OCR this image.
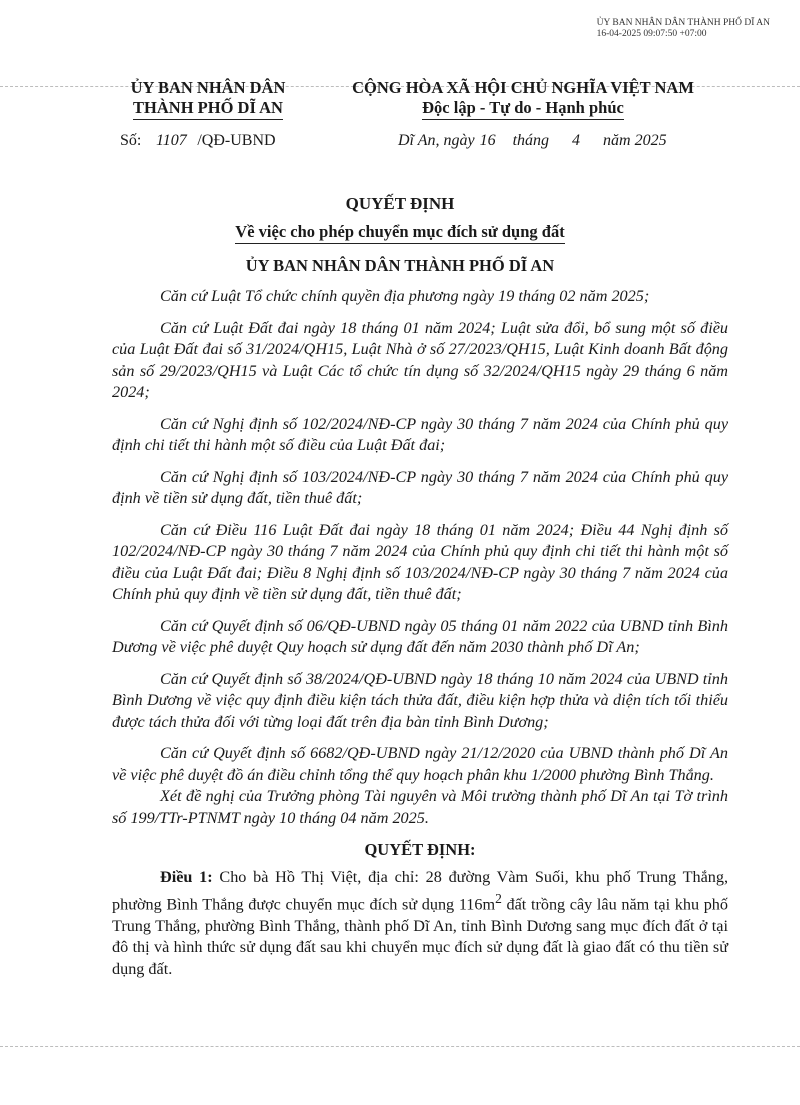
ỦY BAN NHÂN DÂN THÀNH PHỐ DĨ AN
16-04-2025 09:07:50 +07:00
ỦY BAN NHÂN DÂN
THÀNH PHỐ DĨ AN
CỘNG HÒA XÃ HỘI CHỦ NGHĨA VIỆT NAM
Độc lập - Tự do - Hạnh phúc
Số: 1107 /QĐ-UBND	Dĩ An, ngày 16 tháng 4 năm 2025
QUYẾT ĐỊNH
Về việc cho phép chuyển mục đích sử dụng đất
ỦY BAN NHÂN DÂN THÀNH PHỐ DĨ AN

Căn cứ Luật Tổ chức chính quyền địa phương ngày 19 tháng 02 năm 2025;

Căn cứ Luật Đất đai ngày 18 tháng 01 năm 2024; Luật sửa đổi, bổ sung một số điều của Luật Đất đai số 31/2024/QH15, Luật Nhà ở số 27/2023/QH15, Luật Kinh doanh Bất động sản số 29/2023/QH15 và Luật Các tổ chức tín dụng số 32/2024/QH15 ngày 29 tháng 6 năm 2024;

Căn cứ Nghị định số 102/2024/NĐ-CP ngày 30 tháng 7 năm 2024 của Chính phủ quy định chi tiết thi hành một số điều của Luật Đất đai;

Căn cứ Nghị định số 103/2024/NĐ-CP ngày 30 tháng 7 năm 2024 của Chính phủ quy định về tiền sử dụng đất, tiền thuê đất;

Căn cứ Điều 116 Luật Đất đai ngày 18 tháng 01 năm 2024; Điều 44 Nghị định số 102/2024/NĐ-CP ngày 30 tháng 7 năm 2024 của Chính phủ quy định chi tiết thi hành một số điều của Luật Đất đai; Điều 8 Nghị định số 103/2024/NĐ-CP ngày 30 tháng 7 năm 2024 của Chính phủ quy định về tiền sử dụng đất, tiền thuê đất;

Căn cứ Quyết định số 06/QĐ-UBND ngày 05 tháng 01 năm 2022 của UBND tỉnh Bình Dương về việc phê duyệt Quy hoạch sử dụng đất đến năm 2030 thành phố Dĩ An;

Căn cứ Quyết định số 38/2024/QĐ-UBND ngày 18 tháng 10 năm 2024 của UBND tỉnh Bình Dương về việc quy định điều kiện tách thửa đất, điều kiện hợp thửa và diện tích tối thiểu được tách thửa đối với từng loại đất trên địa bàn tỉnh Bình Dương;

Căn cứ Quyết định số 6682/QĐ-UBND ngày 21/12/2020 của UBND thành phố Dĩ An về việc phê duyệt đồ án điều chỉnh tổng thể quy hoạch phân khu 1/2000 phường Bình Thắng.

Xét đề nghị của Trưởng phòng Tài nguyên và Môi trường thành phố Dĩ An tại Tờ trình số 199/TTr-PTNMT ngày 10 tháng 04 năm 2025.

QUYẾT ĐỊNH:

Điều 1: Cho bà Hồ Thị Việt, địa chỉ: 28 đường Vàm Suối, khu phố Trung Thắng, phường Bình Thắng được chuyển mục đích sử dụng $116m^2$ đất trồng cây lâu năm tại khu phố Trung Thắng, phường Bình Thắng, thành phố Dĩ An, tỉnh Bình Dương sang mục đích đất ở tại đô thị và hình thức sử dụng đất sau khi chuyển mục đích sử dụng đất là giao đất có thu tiền sử dụng đất.
